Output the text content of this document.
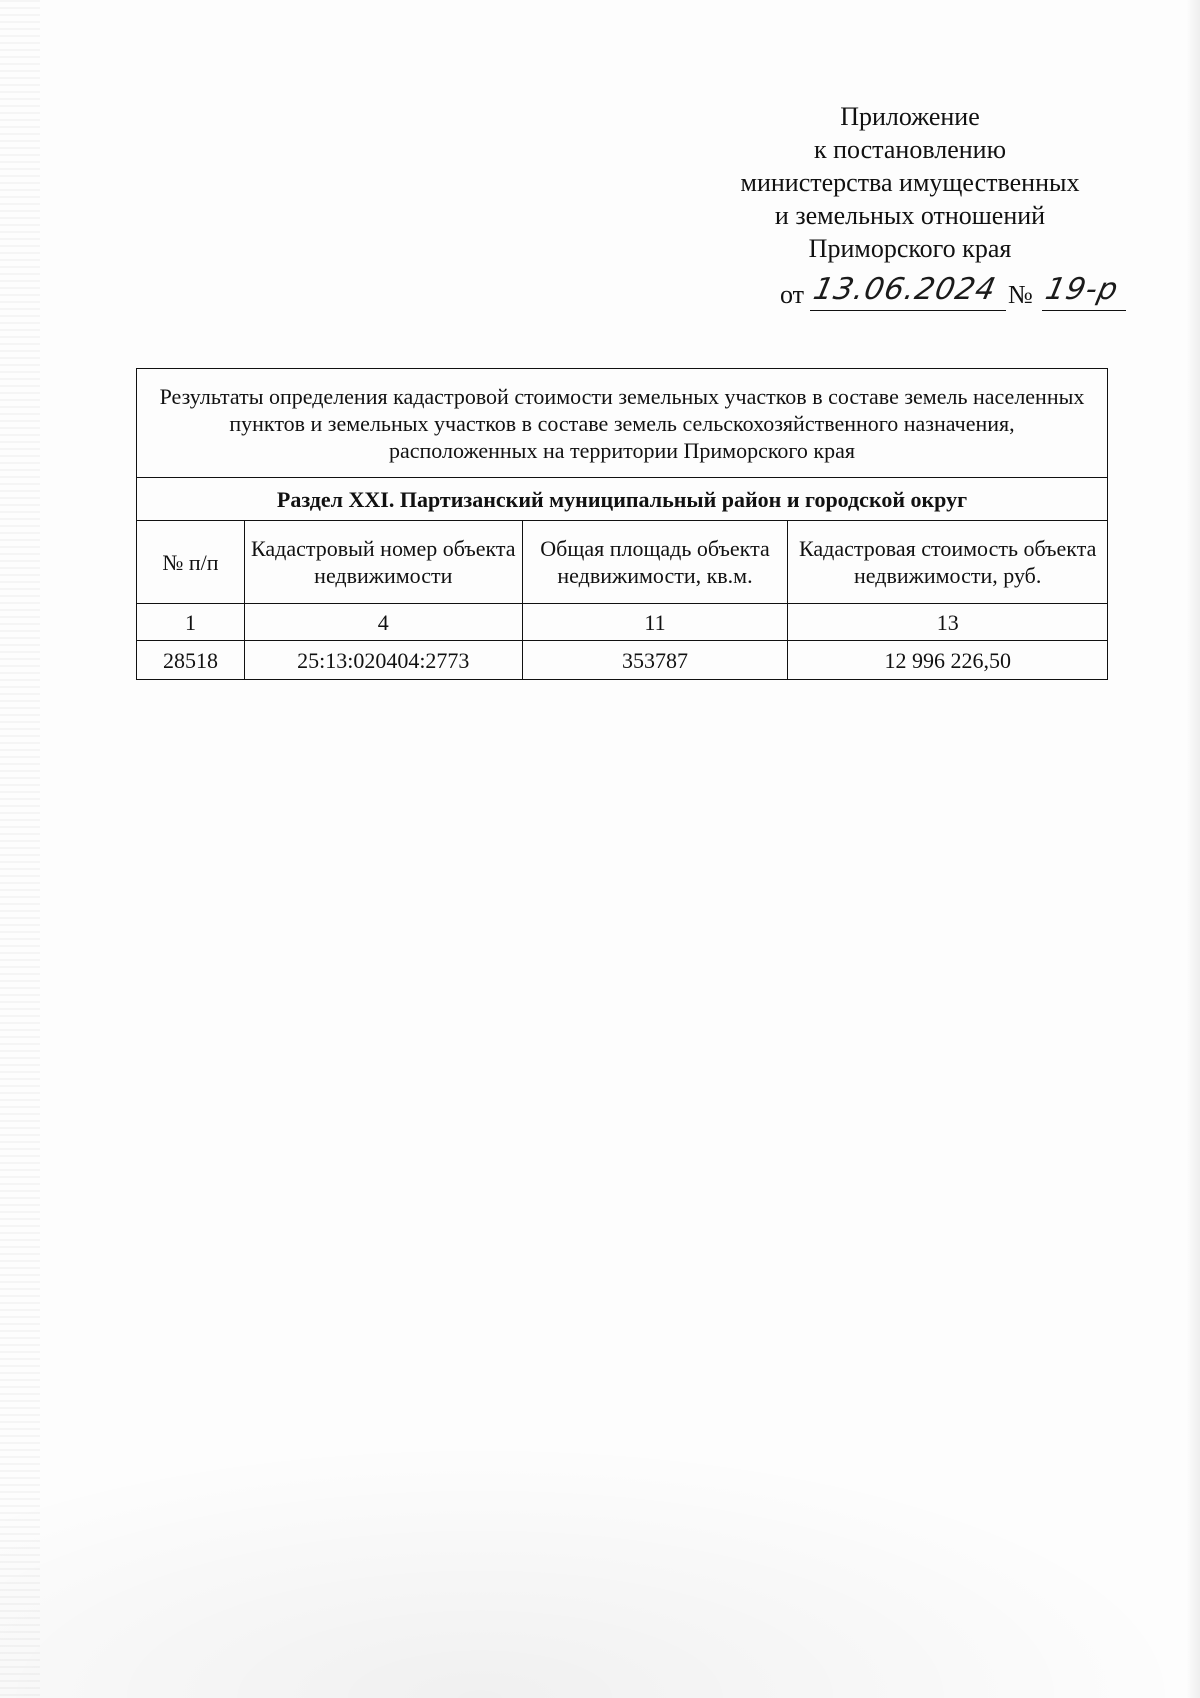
Приложение
к постановлению
министерства имущественных
и земельных отношений
Приморского края
от 13.06.2024 № 19-р
Результаты определения кадастровой стоимости земельных участков в составе земель населенных пунктов и земельных участков в составе земель сельскохозяйственного назначения, расположенных на территории Приморского края			
Раздел XXI. Партизанский муниципальный район и городской округ			
№ п/п	Кадастровый номер объекта недвижимости	Общая площадь объекта недвижимости, кв.м.	Кадастровая стоимость объекта недвижимости, руб.
1	4	11	13
28518	25:13:020404:2773	353787	12 996 226,50
